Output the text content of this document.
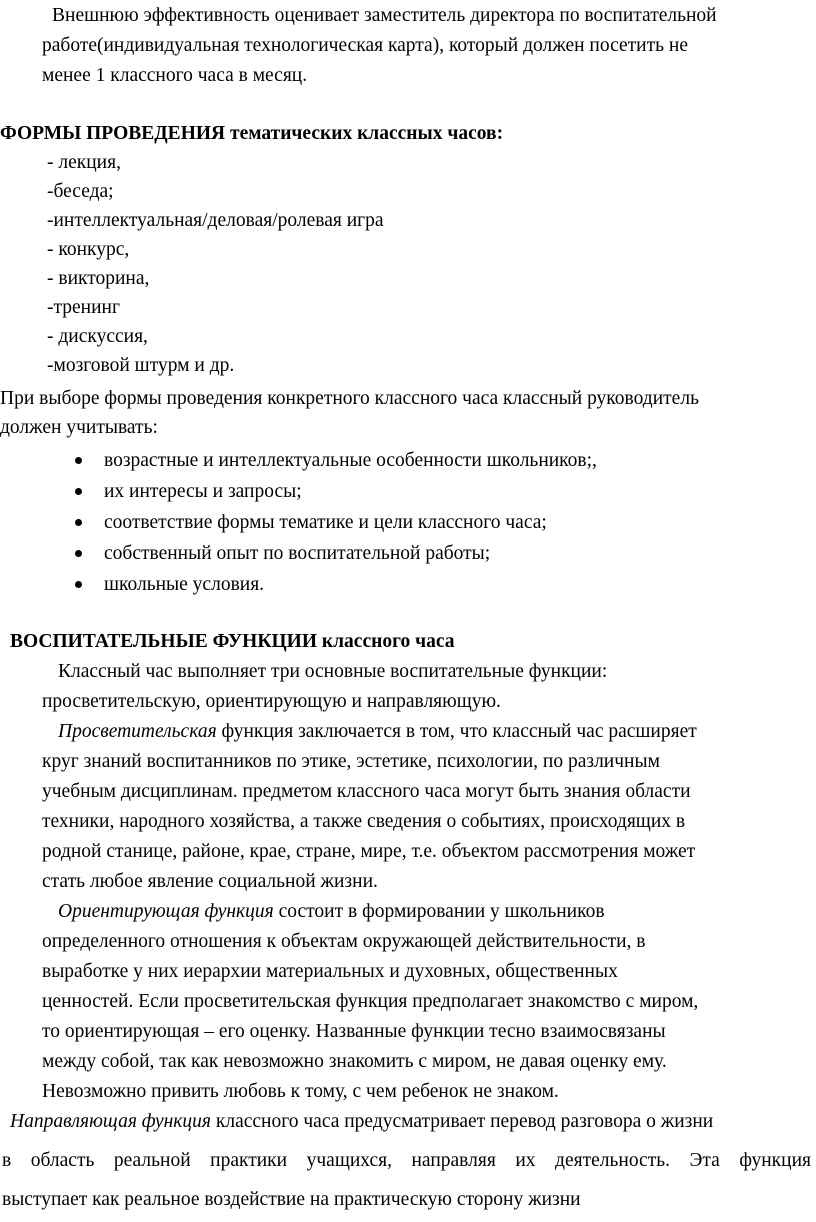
Внешнюю эффективность оценивает заместитель директора по воспитательной
работе(индивидуальная технологическая карта), который должен посетить не
менее 1 классного часа в месяц.
ФОРМЫ ПРОВЕДЕНИЯ тематических классных часов:
- лекция,
-беседа;
-интеллектуальная/деловая/ролевая игра
- конкурс,
- викторина,
-тренинг
- дискуссия,
-мозговой штурм и др.
При выборе формы проведения конкретного классного часа классный руководитель
должен учитывать:
возрастные и интеллектуальные особенности школьников;,
их интересы и запросы;
соответствие формы тематике и цели классного часа;
собственный опыт по воспитательной работы;
школьные условия.
ВОСПИТАТЕЛЬНЫЕ ФУНКЦИИ классного часа
Классный час выполняет три основные воспитательные функции:
просветительскую, ориентирующую и направляющую.
Просветительская функция заключается в том, что классный час расширяет
круг знаний воспитанников по этике, эстетике, психологии, по различным
учебным дисциплинам. предметом классного часа могут быть знания области
техники, народного хозяйства, а также сведения о событиях, происходящих в
родной станице, районе, крае, стране, мире, т.е. объектом рассмотрения может
стать любое явление социальной жизни.
Ориентирующая функция состоит в формировании у школьников
определенного отношения к объектам окружающей действительности, в
выработке у них иерархии материальных и духовных, общественных
ценностей. Если просветительская функция предполагает знакомство с миром,
то ориентирующая – его оценку. Названные функции тесно взаимосвязаны
между собой, так как невозможно знакомить с миром, не давая оценку ему.
Невозможно привить любовь к тому, с чем ребенок не знаком.
Направляющая функция классного часа предусматривает перевод разговора о жизни
в область реальной практики учащихся, направляя их деятельность. Эта функция
выступает как реальное воздействие на практическую сторону жизни
